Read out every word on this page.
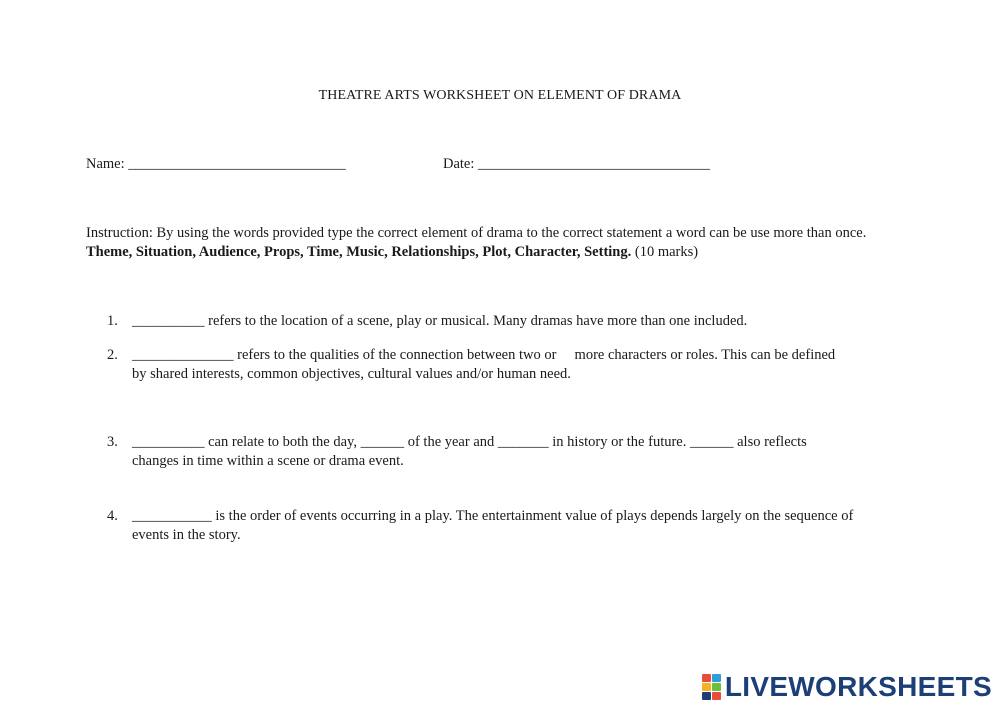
THEATRE ARTS WORKSHEET ON ELEMENT OF DRAMA
Name: ______________________________	Date: ________________________________
Instruction: By using the words provided type the correct element of drama to the correct statement a word can be use more than once. Theme, Situation, Audience, Props, Time, Music, Relationships, Plot, Character, Setting. (10 marks)
1. __________ refers to the location of a scene, play or musical. Many dramas have more than one included.
2. ______________ refers to the qualities of the connection between two or     more characters or roles. This can be defined
by shared interests, common objectives, cultural values and/or human need.
3. __________ can relate to both the day, ______ of the year and _______ in history or the future. ______ also reflects
changes in time within a scene or drama event.
4. ___________ is the order of events occurring in a play. The entertainment value of plays depends largely on the sequence of
events in the story.
LIVEWORKSHEETS
